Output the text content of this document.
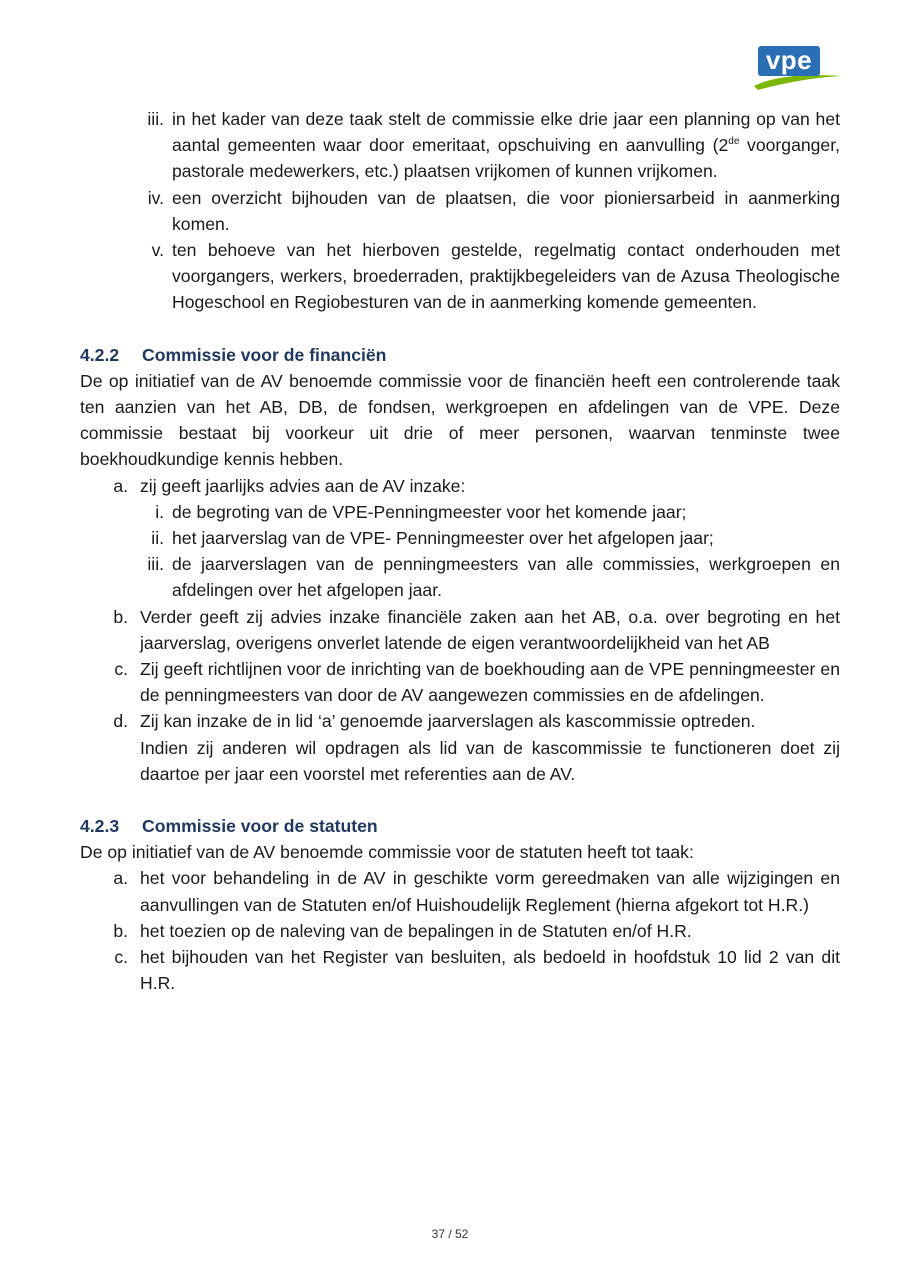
vpe
iii. in het kader van deze taak stelt de commissie elke drie jaar een planning op van het aantal gemeenten waar door emeritaat, opschuiving en aanvulling (2de voorganger, pastorale medewerkers, etc.) plaatsen vrijkomen of kunnen vrijkomen.
iv. een overzicht bijhouden van de plaatsen, die voor pioniersarbeid in aanmerking komen.
v. ten behoeve van het hierboven gestelde, regelmatig contact onderhouden met voorgangers, werkers, broederraden, praktijkbegeleiders van de Azusa Theologische Hogeschool en Regiobesturen van de in aanmerking komende gemeenten.
4.2.2 Commissie voor de financiën
De op initiatief van de AV benoemde commissie voor de financiën heeft een controlerende taak ten aanzien van het AB, DB, de fondsen, werkgroepen en afdelingen van de VPE. Deze commissie bestaat bij voorkeur uit drie of meer personen, waarvan tenminste twee boekhoudkundige kennis hebben.
a. zij geeft jaarlijks advies aan de AV inzake:
i. de begroting van de VPE-Penningmeester voor het komende jaar;
ii. het jaarverslag van de VPE- Penningmeester over het afgelopen jaar;
iii. de jaarverslagen van de penningmeesters van alle commissies, werkgroepen en afdelingen over het afgelopen jaar.
b. Verder geeft zij advies inzake financiële zaken aan het AB, o.a. over begroting en het jaarverslag, overigens onverlet latende de eigen verantwoordelijkheid van het AB
c. Zij geeft richtlijnen voor de inrichting van de boekhouding aan de VPE penningmeester en de penningmeesters van door de AV aangewezen commissies en de afdelingen.
d. Zij kan inzake de in lid ‘a’ genoemde jaarverslagen als kascommissie optreden.
Indien zij anderen wil opdragen als lid van de kascommissie te functioneren doet zij daartoe per jaar een voorstel met referenties aan de AV.
4.2.3 Commissie voor de statuten
De op initiatief van de AV benoemde commissie voor de statuten heeft tot taak:
a. het voor behandeling in de AV in geschikte vorm gereedmaken van alle wijzigingen en aanvullingen van de Statuten en/of Huishoudelijk Reglement (hierna afgekort tot H.R.)
b. het toezien op de naleving van de bepalingen in de Statuten en/of H.R.
c. het bijhouden van het Register van besluiten, als bedoeld in hoofdstuk 10 lid 2 van dit H.R.
37 / 52
